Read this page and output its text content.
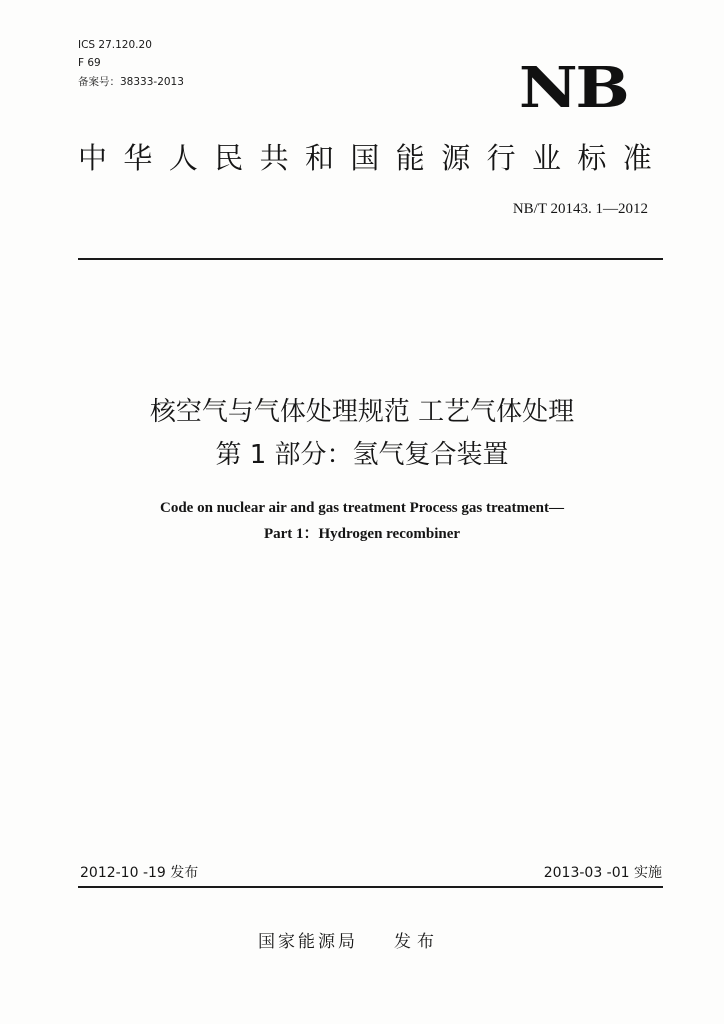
ICS 27.120.20
F 69
备案号：38333-2013	NB
中华人民共和国能源行业标准
NB/T 20143. 1—2012
核空气与气体处理规范 工艺气体处理
第 1 部分：氢气复合装置
Code on nuclear air and gas treatment Process gas treatment—
Part 1：Hydrogen recombiner
2012-10 -19 发布	2013-03 -01 实施
国家能源局 发布
